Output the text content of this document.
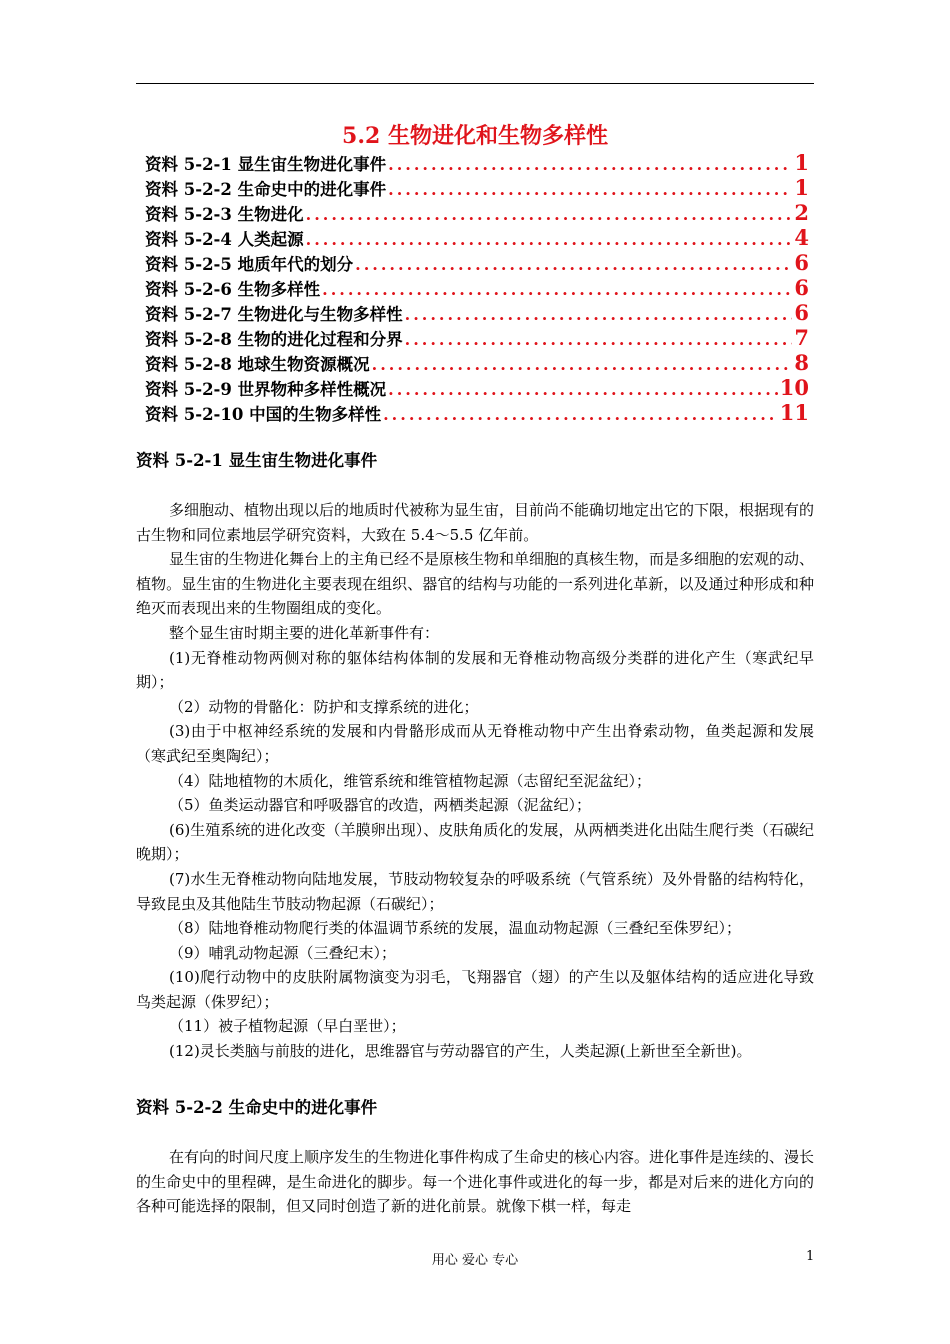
5.2 生物进化和生物多样性
资料 5-2-1 显生宙生物进化事件 .....	1
资料 5-2-2 生命史中的进化事件 .....	1
资料 5-2-3 生物进化 .....	2
资料 5-2-4 人类起源 .....	4
资料 5-2-5 地质年代的划分 .....	6
资料 5-2-6 生物多样性 .....	6
资料 5-2-7 生物进化与生物多样性 .....	6
资料 5-2-8 生物的进化过程和分界 .....	7
资料 5-2-8 地球生物资源概况 .....	8
资料 5-2-9 世界物种多样性概况 .....	10
资料 5-2-10 中国的生物多样性 .....	11
资料 5-2-1 显生宙生物进化事件

多细胞动、植物出现以后的地质时代被称为显生宙，目前尚不能确切地定出它的下限，根据现有的古生物和同位素地层学研究资料，大致在 5.4～5.5 亿年前。

显生宙的生物进化舞台上的主角已经不是原核生物和单细胞的真核生物，而是多细胞的宏观的动、植物。显生宙的生物进化主要表现在组织、器官的结构与功能的一系列进化革新，以及通过种形成和种绝灭而表现出来的生物圈组成的变化。

整个显生宙时期主要的进化革新事件有：

(1)无脊椎动物两侧对称的躯体结构体制的发展和无脊椎动物高级分类群的进化产生（寒武纪早期）；

（2）动物的骨骼化：防护和支撑系统的进化；

(3)由于中枢神经系统的发展和内骨骼形成而从无脊椎动物中产生出脊索动物，鱼类起源和发展（寒武纪至奥陶纪）；

（4）陆地植物的木质化，维管系统和维管植物起源（志留纪至泥盆纪）；

（5）鱼类运动器官和呼吸器官的改造，两栖类起源（泥盆纪）；

(6)生殖系统的进化改变（羊膜卵出现）、皮肤角质化的发展，从两栖类进化出陆生爬行类（石碳纪晚期）；

(7)水生无脊椎动物向陆地发展，节肢动物较复杂的呼吸系统（气管系统）及外骨骼的结构特化，导致昆虫及其他陆生节肢动物起源（石碳纪）；

（8）陆地脊椎动物爬行类的体温调节系统的发展，温血动物起源（三叠纪至侏罗纪）；

（9）哺乳动物起源（三叠纪末）；

(10)爬行动物中的皮肤附属物演变为羽毛，飞翔器官（翅）的产生以及躯体结构的适应进化导致鸟类起源（侏罗纪）；

（11）被子植物起源（早白垩世）；

(12)灵长类脑与前肢的进化，思维器官与劳动器官的产生，人类起源(上新世至全新世)。

资料 5-2-2 生命史中的进化事件

在有向的时间尺度上顺序发生的生物进化事件构成了生命史的核心内容。进化事件是连续的、漫长的生命史中的里程碑，是生命进化的脚步。每一个进化事件或进化的每一步，都是对后来的进化方向的各种可能选择的限制，但又同时创造了新的进化前景。就像下棋一样，每走

用心 爱心 专心	1
